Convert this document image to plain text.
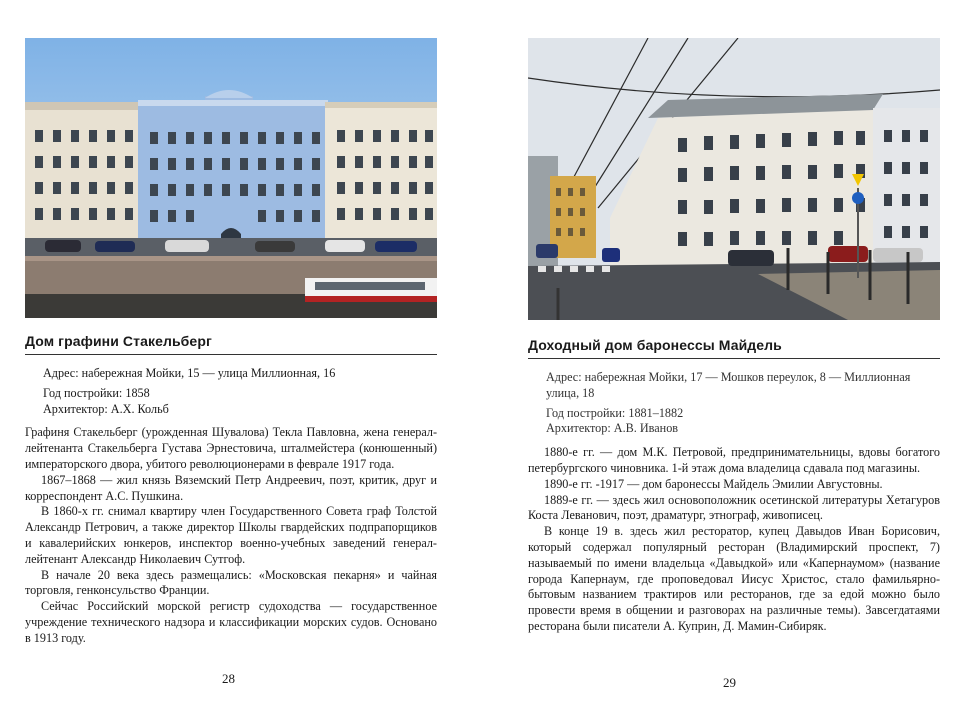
Дом графини Стакельберг

Адрес: набережная Мойки, 15 — улица Миллионная, 16

Год постройки: 1858

Архитектор: А.Х. Кольб

Графиня Стакельберг (урожденная Шувалова) Текла Павловна, жена генерал-лейтенанта Стакельберга Густава Эрнестовича, шталмейстера (конюшенный) императорского двора, убитого революционерами в феврале 1917 года.

1867–1868 — жил князь Вяземский Петр Андреевич, поэт, критик, друг и корреспондент А.С. Пушкина.

В 1860-х гг. снимал квартиру член Государственного Совета граф Толстой Александр Петрович, а также директор Школы гвардейских подпрапорщиков и кавалерийских юнкеров, инспектор военно-учебных заведений генерал-лейтенант Александр Николаевич Сутгоф.

В начале 20 века здесь размещались: «Московская пекарня» и чайная торговля, генконсульство Франции.

Сейчас Российский морской регистр судоходства — государственное учреждение технического надзора и классификации морских судов. Основано в 1913 году.

28
Доходный дом баронессы Майдель

Адрес: набережная Мойки, 17 — Мошков переулок, 8 — Миллионная улица, 18

Год постройки: 1881–1882

Архитектор: А.В. Иванов

1880-е гг. — дом М.К. Петровой, предпринимательницы, вдовы богатого петербургского чиновника. 1-й этаж дома владелица сдавала под магазины.

1890-е гг. -1917 — дом баронессы Майдель Эмилии Августовны.

1889-е гг. — здесь жил основоположник осетинской литературы Хетагуров Коста Леванович, поэт, драматург, этнограф, живописец.

В конце 19 в. здесь жил ресторатор, купец Давыдов Иван Борисович, который содержал популярный ресторан (Владимирский проспект, 7) называемый по имени владельца «Давыдкой» или «Капернаумом» (название города Капернаум, где проповедовал Иисус Христос, стало фамильярно-бытовым названием трактиров или ресторанов, где за едой можно было провести время в общении и разговорах на различные темы). Завсегдатаями ресторана были писатели А. Куприн, Д. Мамин-Сибиряк.

29
